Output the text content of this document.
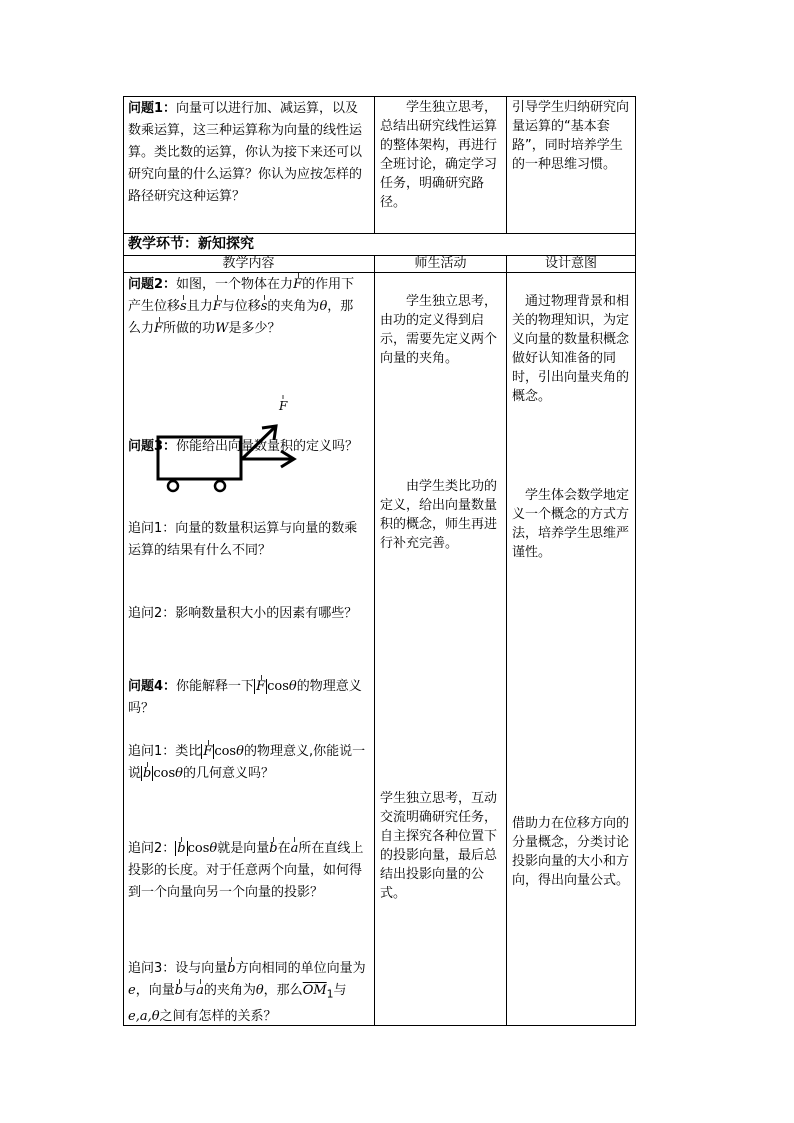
问题1：向量可以进行加、减运算，以及数乘运算，这三种运算称为向量的线性运算。类比数的运算，你认为接下来还可以研究向量的什么运算？你认为应按怎样的路径研究这种运算？
学生独立思考，总结出研究线性运算的整体架构，再进行全班讨论，确定学习任务，明确研究路径。
引导学生归纳研究向量运算的“基本套路”，同时培养学生的一种思维习惯。
教学环节：新知探究
教学内容	师生活动	设计意图
问题2：如图，一个物体在力F的作用下产生位移s且力F与位移s的夹角为θ，那么力F所做的功W是多少？
F
问题3：你能给出向量数量积的定义吗？
追问1：向量的数量积运算与向量的数乘运算的结果有什么不同？
追问2：影响数量积大小的因素有哪些？
问题4：你能解释一下 F cosθ的物理意义吗？
追问1：类比 F cosθ的物理意义,你能说一说 b cosθ的几何意义吗？
追问2： b cosθ就是向量b在a所在直线上投影的长度。对于任意两个向量，如何得到一个向量向另一个向量的投影？
追问3：设与向量b方向相同的单位向量为e，向量b与a的夹角为θ，那么$\overline{OM}_1$与e,a,θ之间有怎样的关系？
学生独立思考，由功的定义得到启示，需要先定义两个向量的夹角。
由学生类比功的定义，给出向量数量积的概念，师生再进行补充完善。
学生独立思考，互动交流明确研究任务，自主探究各种位置下的投影向量，最后总结出投影向量的公式。
通过物理背景和相关的物理知识，为定义向量的数量积概念做好认知准备的同时，引出向量夹角的概念。
学生体会数学地定义一个概念的方式方法，培养学生思维严谨性。
借助力在位移方向的分量概念，分类讨论投影向量的大小和方向，得出向量公式。
